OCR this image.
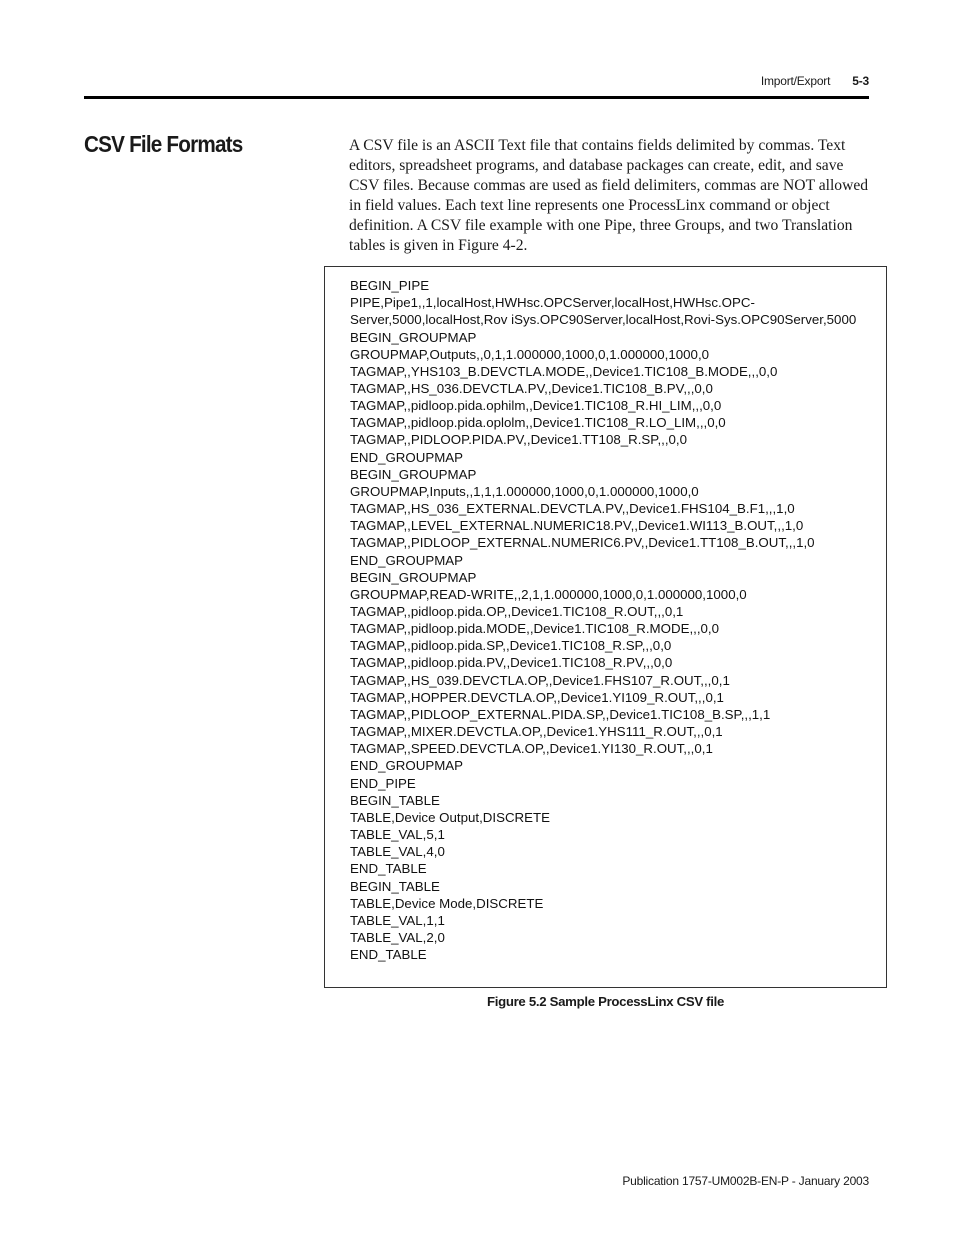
Import/Export 5-3
CSV File Formats	A CSV file is an ASCII Text file that contains fields delimited by commas. Text editors, spreadsheet programs, and database packages can create, edit, and save CSV files. Because commas are used as field delimiters, commas are NOT allowed in field values. Each text line represents one ProcessLinx command or object definition. A CSV file example with one Pipe, three Groups, and two Translation tables is given in Figure 4-2.

BEGIN_PIPE
PIPE,Pipe1,,1,localHost,HWHsc.OPCServer,localHost,HWHsc.OPC-Server,5000,localHost,Rov iSys.OPC90Server,localHost,Rovi-Sys.OPC90Server,5000
BEGIN_GROUPMAP
GROUPMAP,Outputs,,0,1,1.000000,1000,0,1.000000,1000,0
TAGMAP,,YHS103_B.DEVCTLA.MODE,,Device1.TIC108_B.MODE,,,0,0
TAGMAP,,HS_036.DEVCTLA.PV,,Device1.TIC108_B.PV,,,0,0
TAGMAP,,pidloop.pida.ophilm,,Device1.TIC108_R.HI_LIM,,,0,0
TAGMAP,,pidloop.pida.oplolm,,Device1.TIC108_R.LO_LIM,,,0,0
TAGMAP,,PIDLOOP.PIDA.PV,,Device1.TT108_R.SP,,,0,0
END_GROUPMAP
BEGIN_GROUPMAP
GROUPMAP,Inputs,,1,1,1.000000,1000,0,1.000000,1000,0
TAGMAP,,HS_036_EXTERNAL.DEVCTLA.PV,,Device1.FHS104_B.F1,,,1,0
TAGMAP,,LEVEL_EXTERNAL.NUMERIC18.PV,,Device1.WI113_B.OUT,,,1,0
TAGMAP,,PIDLOOP_EXTERNAL.NUMERIC6.PV,,Device1.TT108_B.OUT,,,1,0
END_GROUPMAP
BEGIN_GROUPMAP
GROUPMAP,READ-WRITE,,2,1,1.000000,1000,0,1.000000,1000,0
TAGMAP,,pidloop.pida.OP,,Device1.TIC108_R.OUT,,,0,1
TAGMAP,,pidloop.pida.MODE,,Device1.TIC108_R.MODE,,,0,0
TAGMAP,,pidloop.pida.SP,,Device1.TIC108_R.SP,,,0,0
TAGMAP,,pidloop.pida.PV,,Device1.TIC108_R.PV,,,0,0
TAGMAP,,HS_039.DEVCTLA.OP,,Device1.FHS107_R.OUT,,,0,1
TAGMAP,,HOPPER.DEVCTLA.OP,,Device1.YI109_R.OUT,,,0,1
TAGMAP,,PIDLOOP_EXTERNAL.PIDA.SP,,Device1.TIC108_B.SP,,,1,1
TAGMAP,,MIXER.DEVCTLA.OP,,Device1.YHS111_R.OUT,,,0,1
TAGMAP,,SPEED.DEVCTLA.OP,,Device1.YI130_R.OUT,,,0,1
END_GROUPMAP
END_PIPE
BEGIN_TABLE
TABLE,Device Output,DISCRETE
TABLE_VAL,5,1
TABLE_VAL,4,0
END_TABLE
BEGIN_TABLE
TABLE,Device Mode,DISCRETE
TABLE_VAL,1,1
TABLE_VAL,2,0
END_TABLE
Figure 5.2 Sample ProcessLinx CSV file
Publication 1757-UM002B-EN-P - January 2003
